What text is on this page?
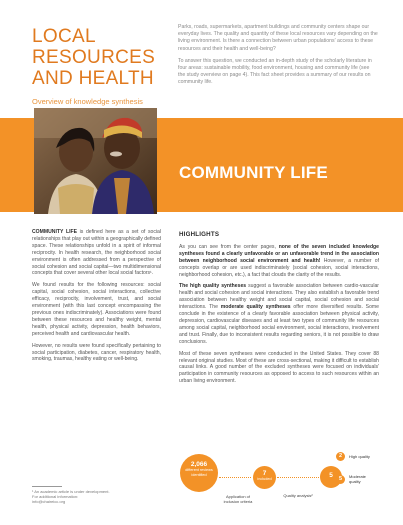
LOCAL
RESOURCES
AND HEALTH
Overview of knowledge synthesis

Parks, roads, supermarkets, apartment buildings and community centers shape our everyday lives. The quality and quantity of these local resources vary depending on the living environment. Is there a connection between urban populations' access to these resources and their health and well-being?

To answer this question, we conducted an in-depth study of the scholarly literature in four areas: sustainable mobility, food environment, housing and community life (see the study overview on page 4). This fact sheet provides a summary of our results on community life.

COMMUNITY LIFE

COMMUNITY LIFE is defined here as a set of social relationships that play out within a geographically defined space. These relationships unfold in a spirit of informal reciprocity. In health research, the neighborhood social environment is often addressed from a perspective of social cohesion and social capital—two multidimensional concepts that cover several other local social factors¹.

We found results for the following resources: social capital, social cohesion, social interactions, collective efficacy, reciprocity, involvement, trust, and social environment (with this last concept encompassing the previous ones indiscriminately). Associations were found between these resources and healthy weight, mental health, physical activity, depression, health behaviors, perceived health and cardiovascular health.

However, no results were found specifically pertaining to social participation, diabetes, cancer, respiratory health, smoking, traumas, healthy eating or well-being.

HIGHLIGHTS

As you can see from the center pages, none of the seven included knowledge syntheses found a clearly unfavorable or an unfavorable trend in the association between neighborhood social environment and health! However, a number of concepts overlap or are used indiscriminately (social cohesion, social interactions, neighborhood cohesion, etc.), a fact that clouds the clarity of the results.

The high quality syntheses suggest a favorable association between cardio-vascular health and social cohesion and social interactions. They also establish a favorable trend association between healthy weight and social capital, social cohesion and social interactions. The moderate quality syntheses offer more diversified results. Some conclude in the existence of a clearly favorable association between physical activity, depression, cardiovascular diseases and at least two types of community life resources among social capital, neighborhood social environment, social interactions, involvement and trust. Finally, due to inconsistent results regarding seniors, it is not possible to draw conclusions.

Most of these seven syntheses were conducted in the United States. They cover 88 relevant original studies. Most of these are cross-sectional, making it difficult to establish causal links. A good number of the excluded syntheses were focused on individuals' participation in community resources as opposed to access to such resources within an urban living environment.

¹ An academic article is under development.
For additional information:
info@chaireicc.org
2,066
different reviews identified	7
included	5
Application of inclusion criteria
Quality analysis²
2	High quality
5	Moderate quality
